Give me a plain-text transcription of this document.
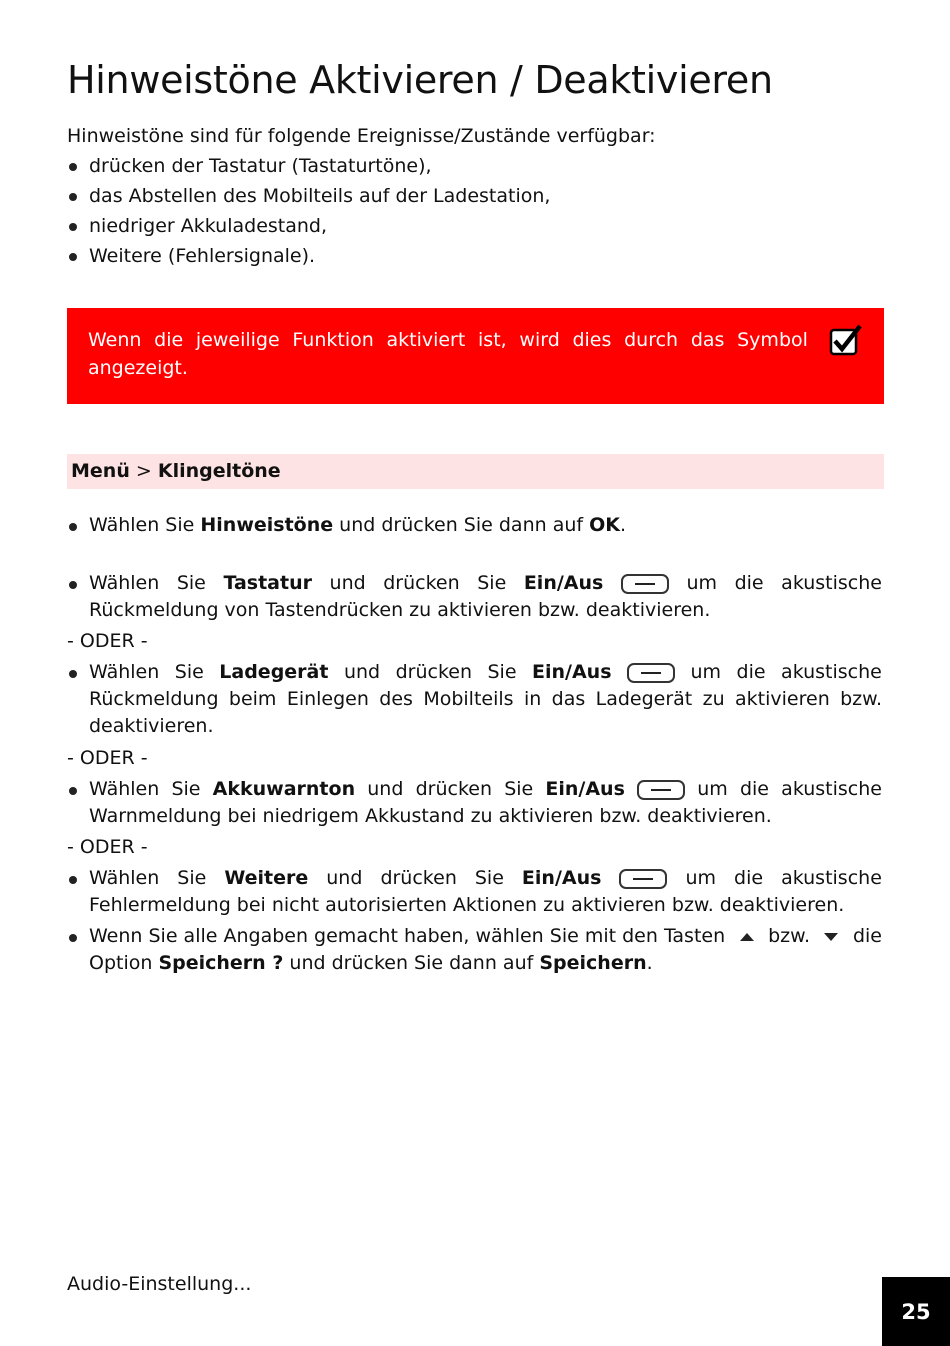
Hinweistöne Aktivieren / Deaktivieren
Hinweistöne sind für folgende Ereignisse/Zustände verfügbar:
drücken der Tastatur (Tastaturtöne),
das Abstellen des Mobilteils auf der Ladestation,
niedriger Akkuladestand,
Weitere (Fehlersignale).
Wenn die jeweilige Funktion aktiviert ist, wird dies durch das Symbol
angezeigt.
Menü > Klingeltöne
Wählen Sie Hinweistöne und drücken Sie dann auf OK.
Wählen Sie Tastatur und drücken Sie Ein/Aus	um die akustische
Rückmeldung von Tastendrücken zu aktivieren bzw. deaktivieren.
- ODER -
Wählen Sie Ladegerät und drücken Sie Ein/Aus	um die akustische
Rückmeldung beim Einlegen des Mobilteils in das Ladegerät zu aktivieren bzw.
deaktivieren.
- ODER -
Wählen Sie Akkuwarnton und drücken Sie Ein/Aus	um die akustische
Warnmeldung bei niedrigem Akkustand zu aktivieren bzw. deaktivieren.
- ODER -
Wählen Sie Weitere und drücken Sie Ein/Aus	um die akustische
Fehlermeldung bei nicht autorisierten Aktionen zu aktivieren bzw. deaktivieren.
Wenn Sie alle Angaben gemacht haben, wählen Sie mit den Tasten bzw. die
Option Speichern ? und drücken Sie dann auf Speichern.
Audio-Einstellung...
25
